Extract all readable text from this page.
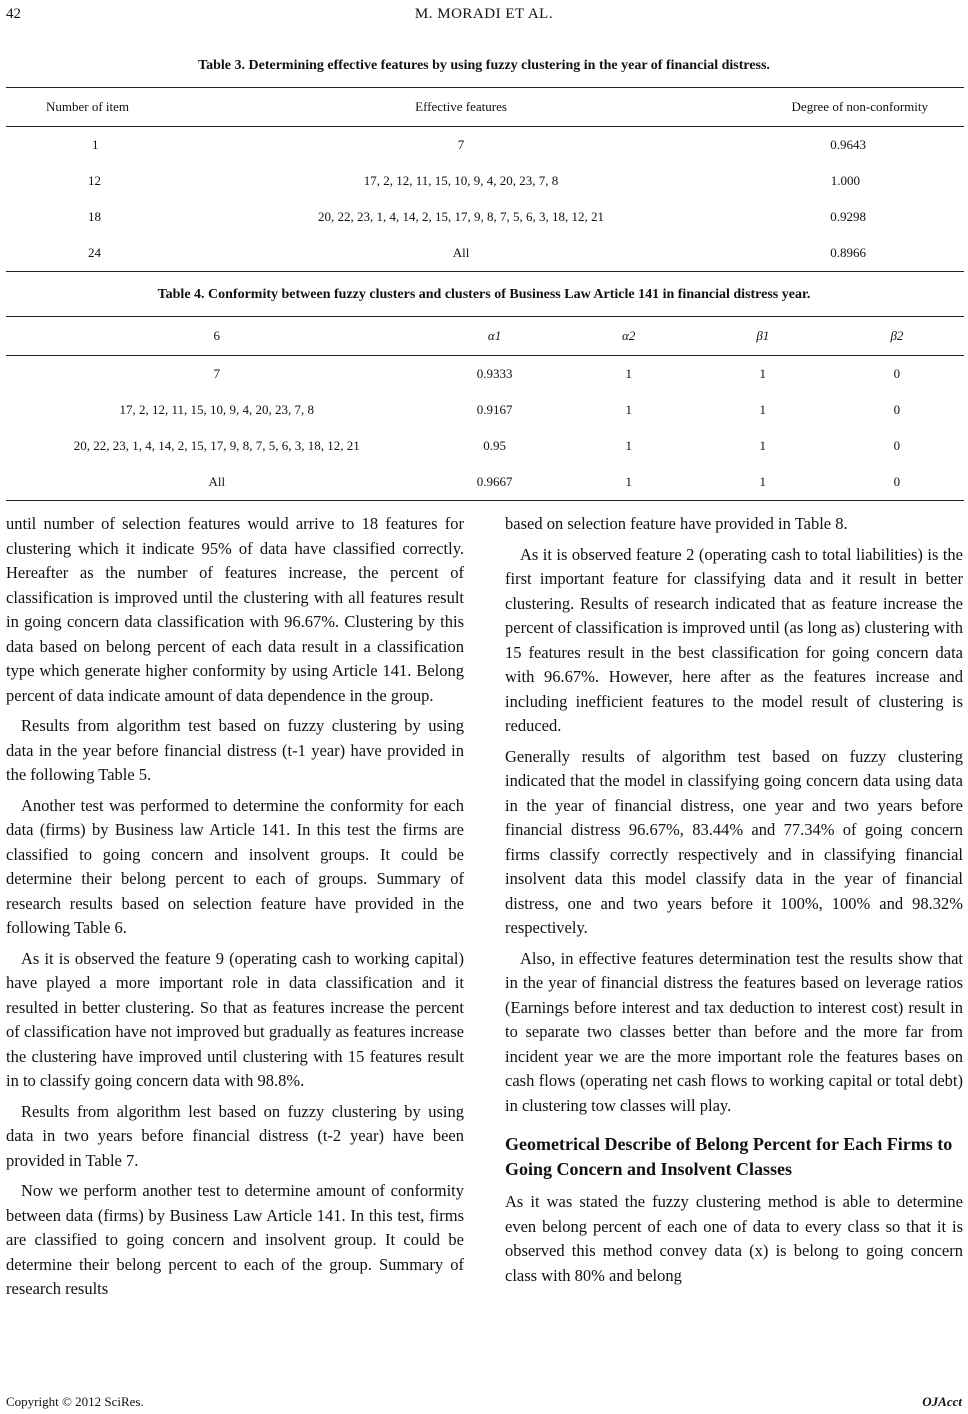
42	M. MORADI ET AL.
Table 3. Determining effective features by using fuzzy clustering in the year of financial distress.
Number of item	Effective features	Degree of non-conformity
1	7	0.9643
12	17, 2, 12, 11, 15, 10, 9, 4, 20, 23, 7, 8	1.000
18	20, 22, 23, 1, 4, 14, 2, 15, 17, 9, 8, 7, 5, 6, 3, 18, 12, 21	0.9298
24	All	0.8966
Table 4. Conformity between fuzzy clusters and clusters of Business Law Article 141 in financial distress year.
6	α1	α2	β1	β2
7	0.9333	1	1	0
17, 2, 12, 11, 15, 10, 9, 4, 20, 23, 7, 8	0.9167	1	1	0
20, 22, 23, 1, 4, 14, 2, 15, 17, 9, 8, 7, 5, 6, 3, 18, 12, 21	0.95	1	1	0
All	0.9667	1	1	0

until number of selection features would arrive to 18 features for clustering which it indicate 95% of data have classified correctly. Hereafter as the number of features increase, the percent of classification is improved until the clustering with all features result in going concern data classification with 96.67%. Clustering by this data based on belong percent of each data result in a classification type which generate higher conformity by using Article 141. Belong percent of data indicate amount of data dependence in the group.

Results from algorithm test based on fuzzy clustering by using data in the year before financial distress (t-1 year) have provided in the following Table 5.

Another test was performed to determine the conformity for each data (firms) by Business law Article 141. In this test the firms are classified to going concern and insolvent groups. It could be determine their belong percent to each of groups. Summary of research results based on selection feature have provided in the following Table 6.

As it is observed the feature 9 (operating cash to working capital) have played a more important role in data classification and it resulted in better clustering. So that as features increase the percent of classification have not improved but gradually as features increase the clustering have improved until clustering with 15 features result in to classify going concern data with 98.8%.

Results from algorithm lest based on fuzzy clustering by using data in two years before financial distress (t-2 year) have been provided in Table 7.

Now we perform another test to determine amount of conformity between data (firms) by Business Law Article 141. In this test, firms are classified to going concern and insolvent group. It could be determine their belong percent to each of the group. Summary of research results

based on selection feature have provided in Table 8.

As it is observed feature 2 (operating cash to total liabilities) is the first important feature for classifying data and it result in better clustering. Results of research indicated that as feature increase the percent of classification is improved until (as long as) clustering with 15 features result in the best classification for going concern data with 96.67%. However, here after as the features increase and including inefficient features to the model result of clustering is reduced.

Generally results of algorithm test based on fuzzy clustering indicated that the model in classifying going concern data using data in the year of financial distress, one year and two years before financial distress 96.67%, 83.44% and 77.34% of going concern firms classify correctly respectively and in classifying financial insolvent data this model classify data in the year of financial distress, one and two years before it 100%, 100% and 98.32% respectively.

Also, in effective features determination test the results show that in the year of financial distress the features based on leverage ratios (Earnings before interest and tax deduction to interest cost) result in to separate two classes better than before and the more far from incident year we are the more important role the features bases on cash flows (operating net cash flows to working capital or total debt) in clustering tow classes will play.

Geometrical Describe of Belong Percent for Each Firms to Going Concern and Insolvent Classes

As it was stated the fuzzy clustering method is able to determine even belong percent of each one of data to every class so that it is observed this method convey data (x) is belong to going concern class with 80% and belong

Copyright © 2012 SciRes.	OJAcct
